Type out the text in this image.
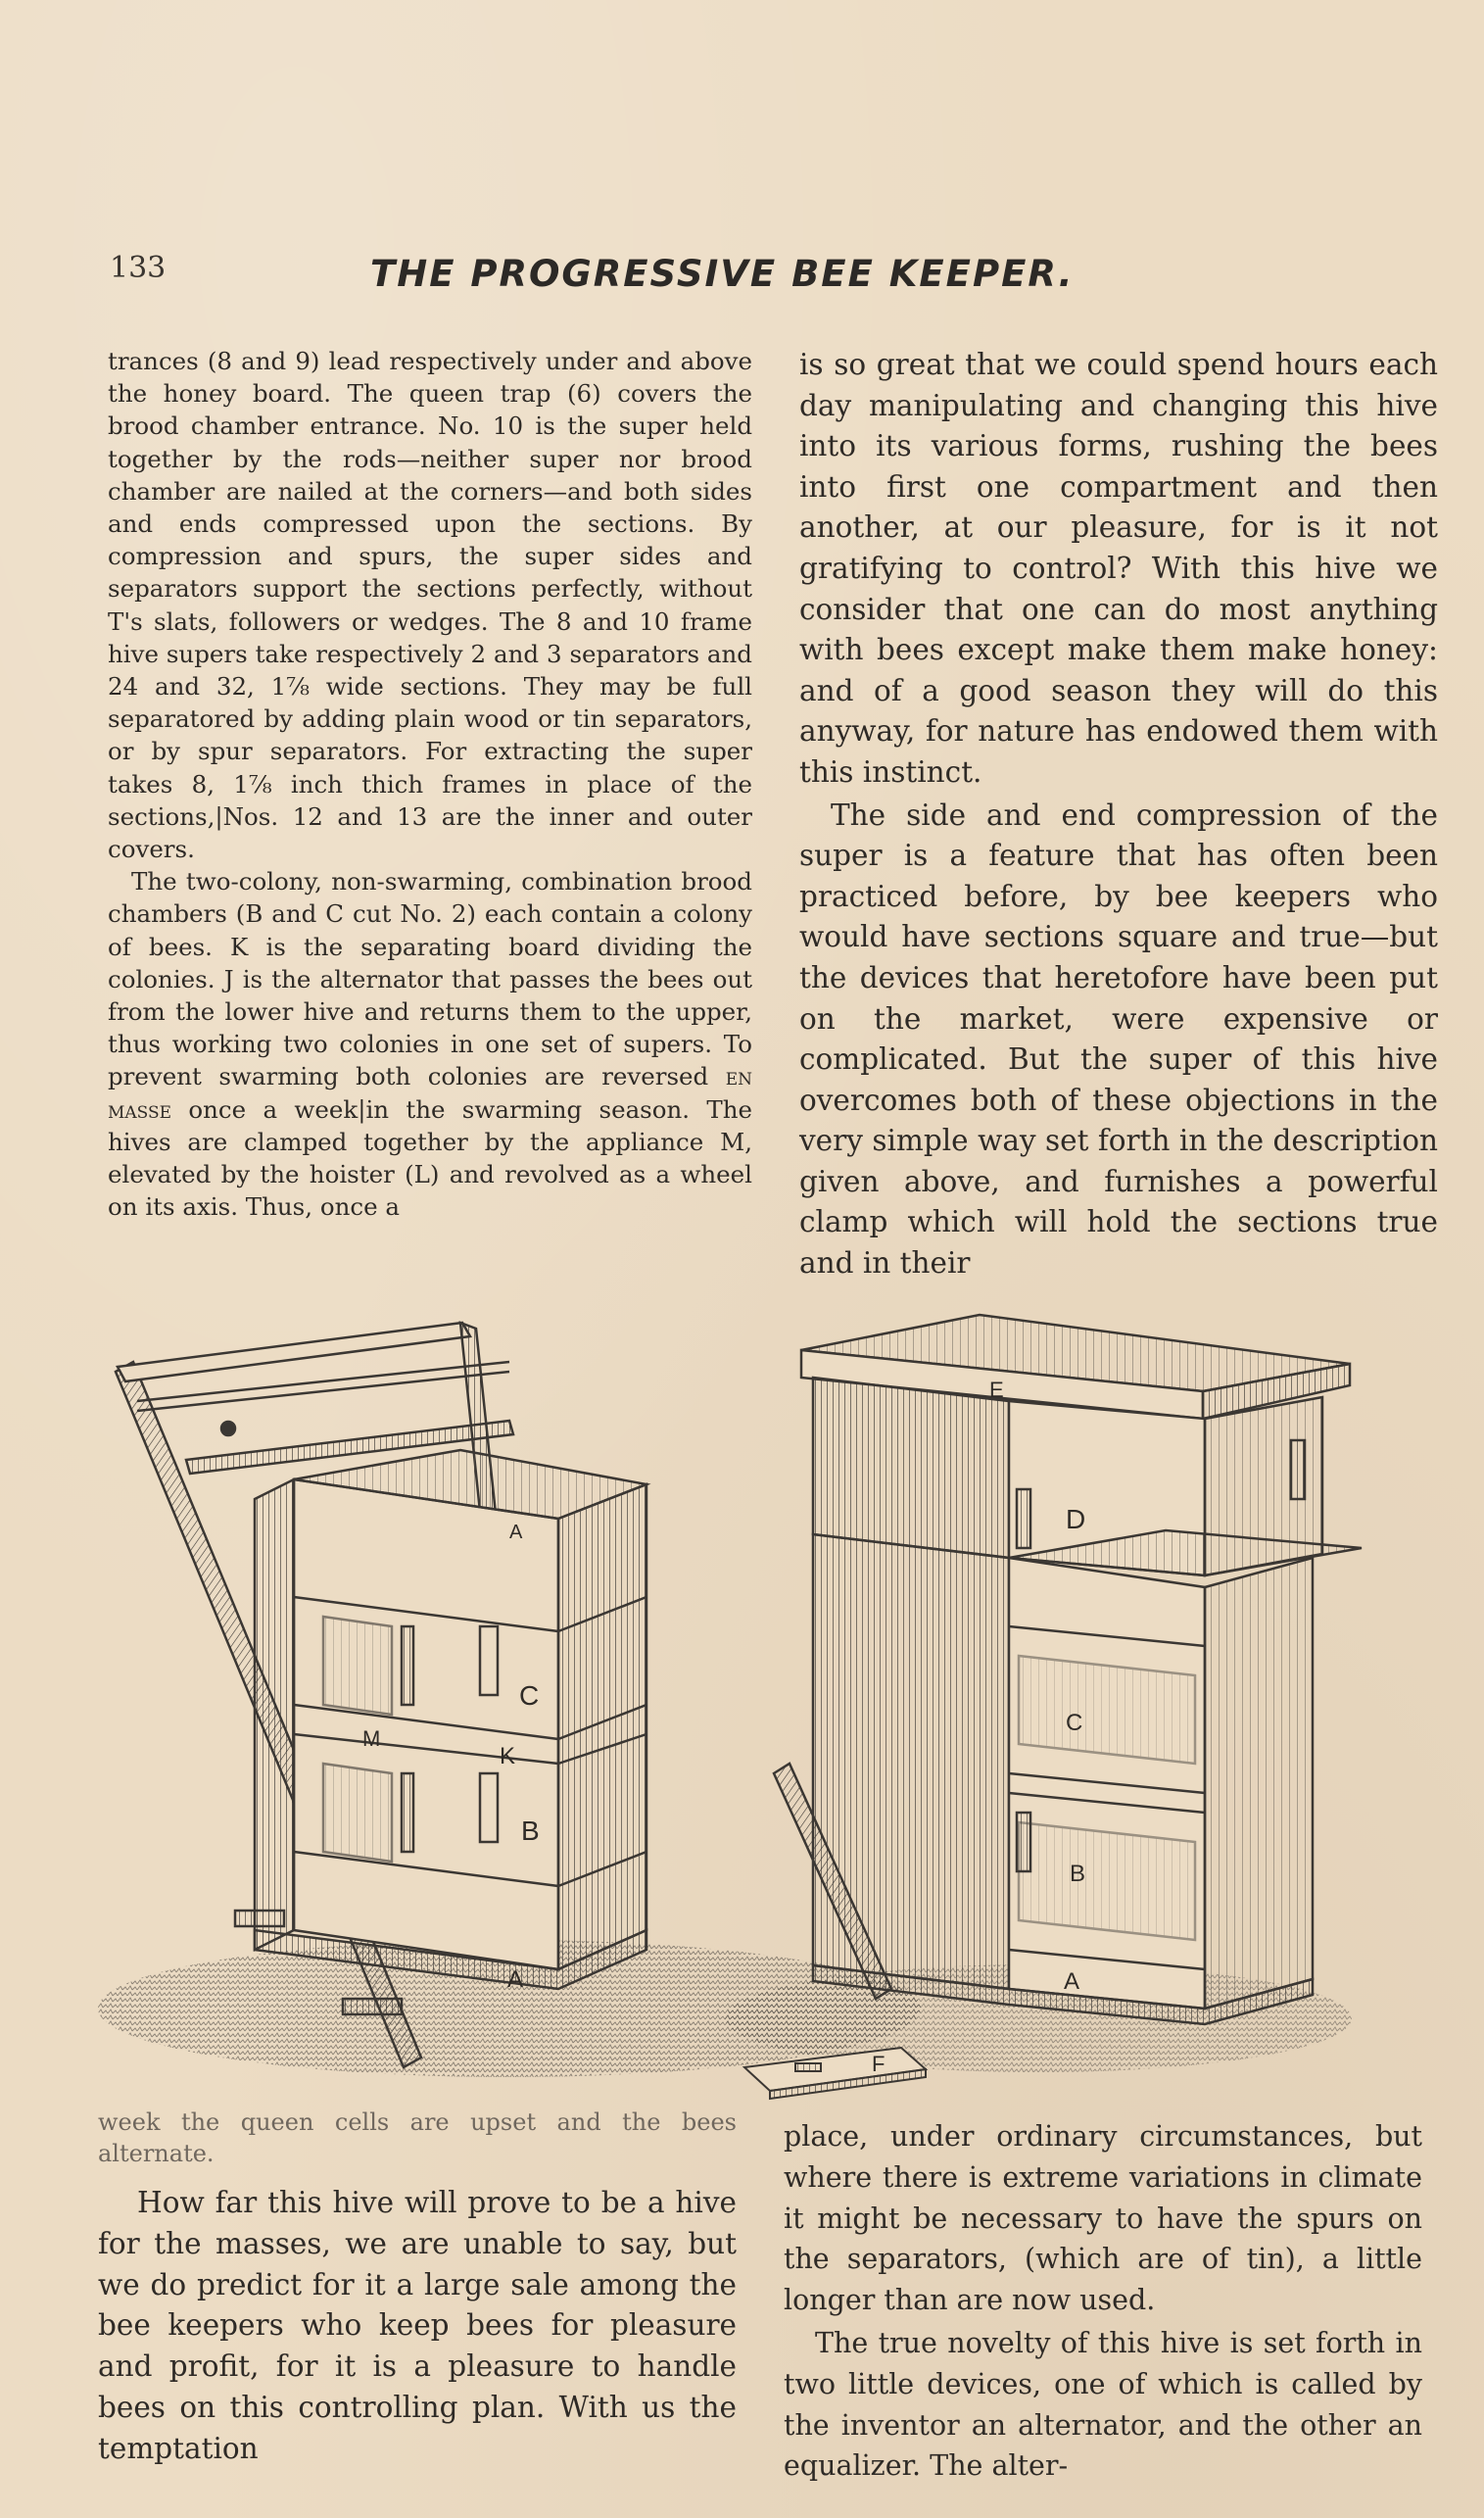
133	THE PROGRESSIVE BEE KEEPER.

trances (8 and 9) lead respectively under and above the honey board. The queen trap (6) covers the brood chamber entrance. No. 10 is the super held together by the rods—neither super nor brood chamber are nailed at the corners—and both sides and ends compressed upon the sections. By compression and spurs, the super sides and separators support the sections perfectly, without T's slats, followers or wedges. The 8 and 10 frame hive supers take respectively 2 and 3 separators and 24 and 32, 1⅞ wide sections. They may be full separatored by adding plain wood or tin separators, or by spur separators. For extracting the super takes 8, 1⅞ inch thich frames in place of the sections,|Nos. 12 and 13 are the inner and outer covers.

The two-colony, non-swarming, combination brood chambers (B and C cut No. 2) each contain a colony of bees. K is the separating board dividing the colonies. J is the alternator that passes the bees out from the lower hive and returns them to the upper, thus working two colonies in one set of supers. To prevent swarming both colonies are reversed en masse once a week|in the swarming season. The hives are clamped together by the appliance M, elevated by the hoister (L) and revolved as a wheel on its axis. Thus, once a

is so great that we could spend hours each day manipulating and changing this hive into its various forms, rushing the bees into first one compartment and then another, at our pleasure, for is it not gratifying to control? With this hive we consider that one can do most anything with bees except make them make honey: and of a good season they will do this anyway, for nature has endowed them with this instinct.

The side and end compression of the super is a feature that has often been practiced before, by bee keepers who would have sections square and true—but the devices that heretofore have been put on the market, were expensive or complicated. But the super of this hive overcomes both of these objections in the very simple way set forth in the description given above, and furnishes a powerful clamp which will hold the sections true and in their

A
C
K
B
M
A
E
D
C
B
A
F

week the queen cells are upset and the bees alternate.

How far this hive will prove to be a hive for the masses, we are unable to say, but we do predict for it a large sale among the bee keepers who keep bees for pleasure and profit, for it is a pleasure to handle bees on this controlling plan. With us the temptation

place, under ordinary circumstances, but where there is extreme variations in climate it might be necessary to have the spurs on the separators, (which are of tin), a little longer than are now used.

The true novelty of this hive is set forth in two little devices, one of which is called by the inventor an alternator, and the other an equalizer. The alter-
